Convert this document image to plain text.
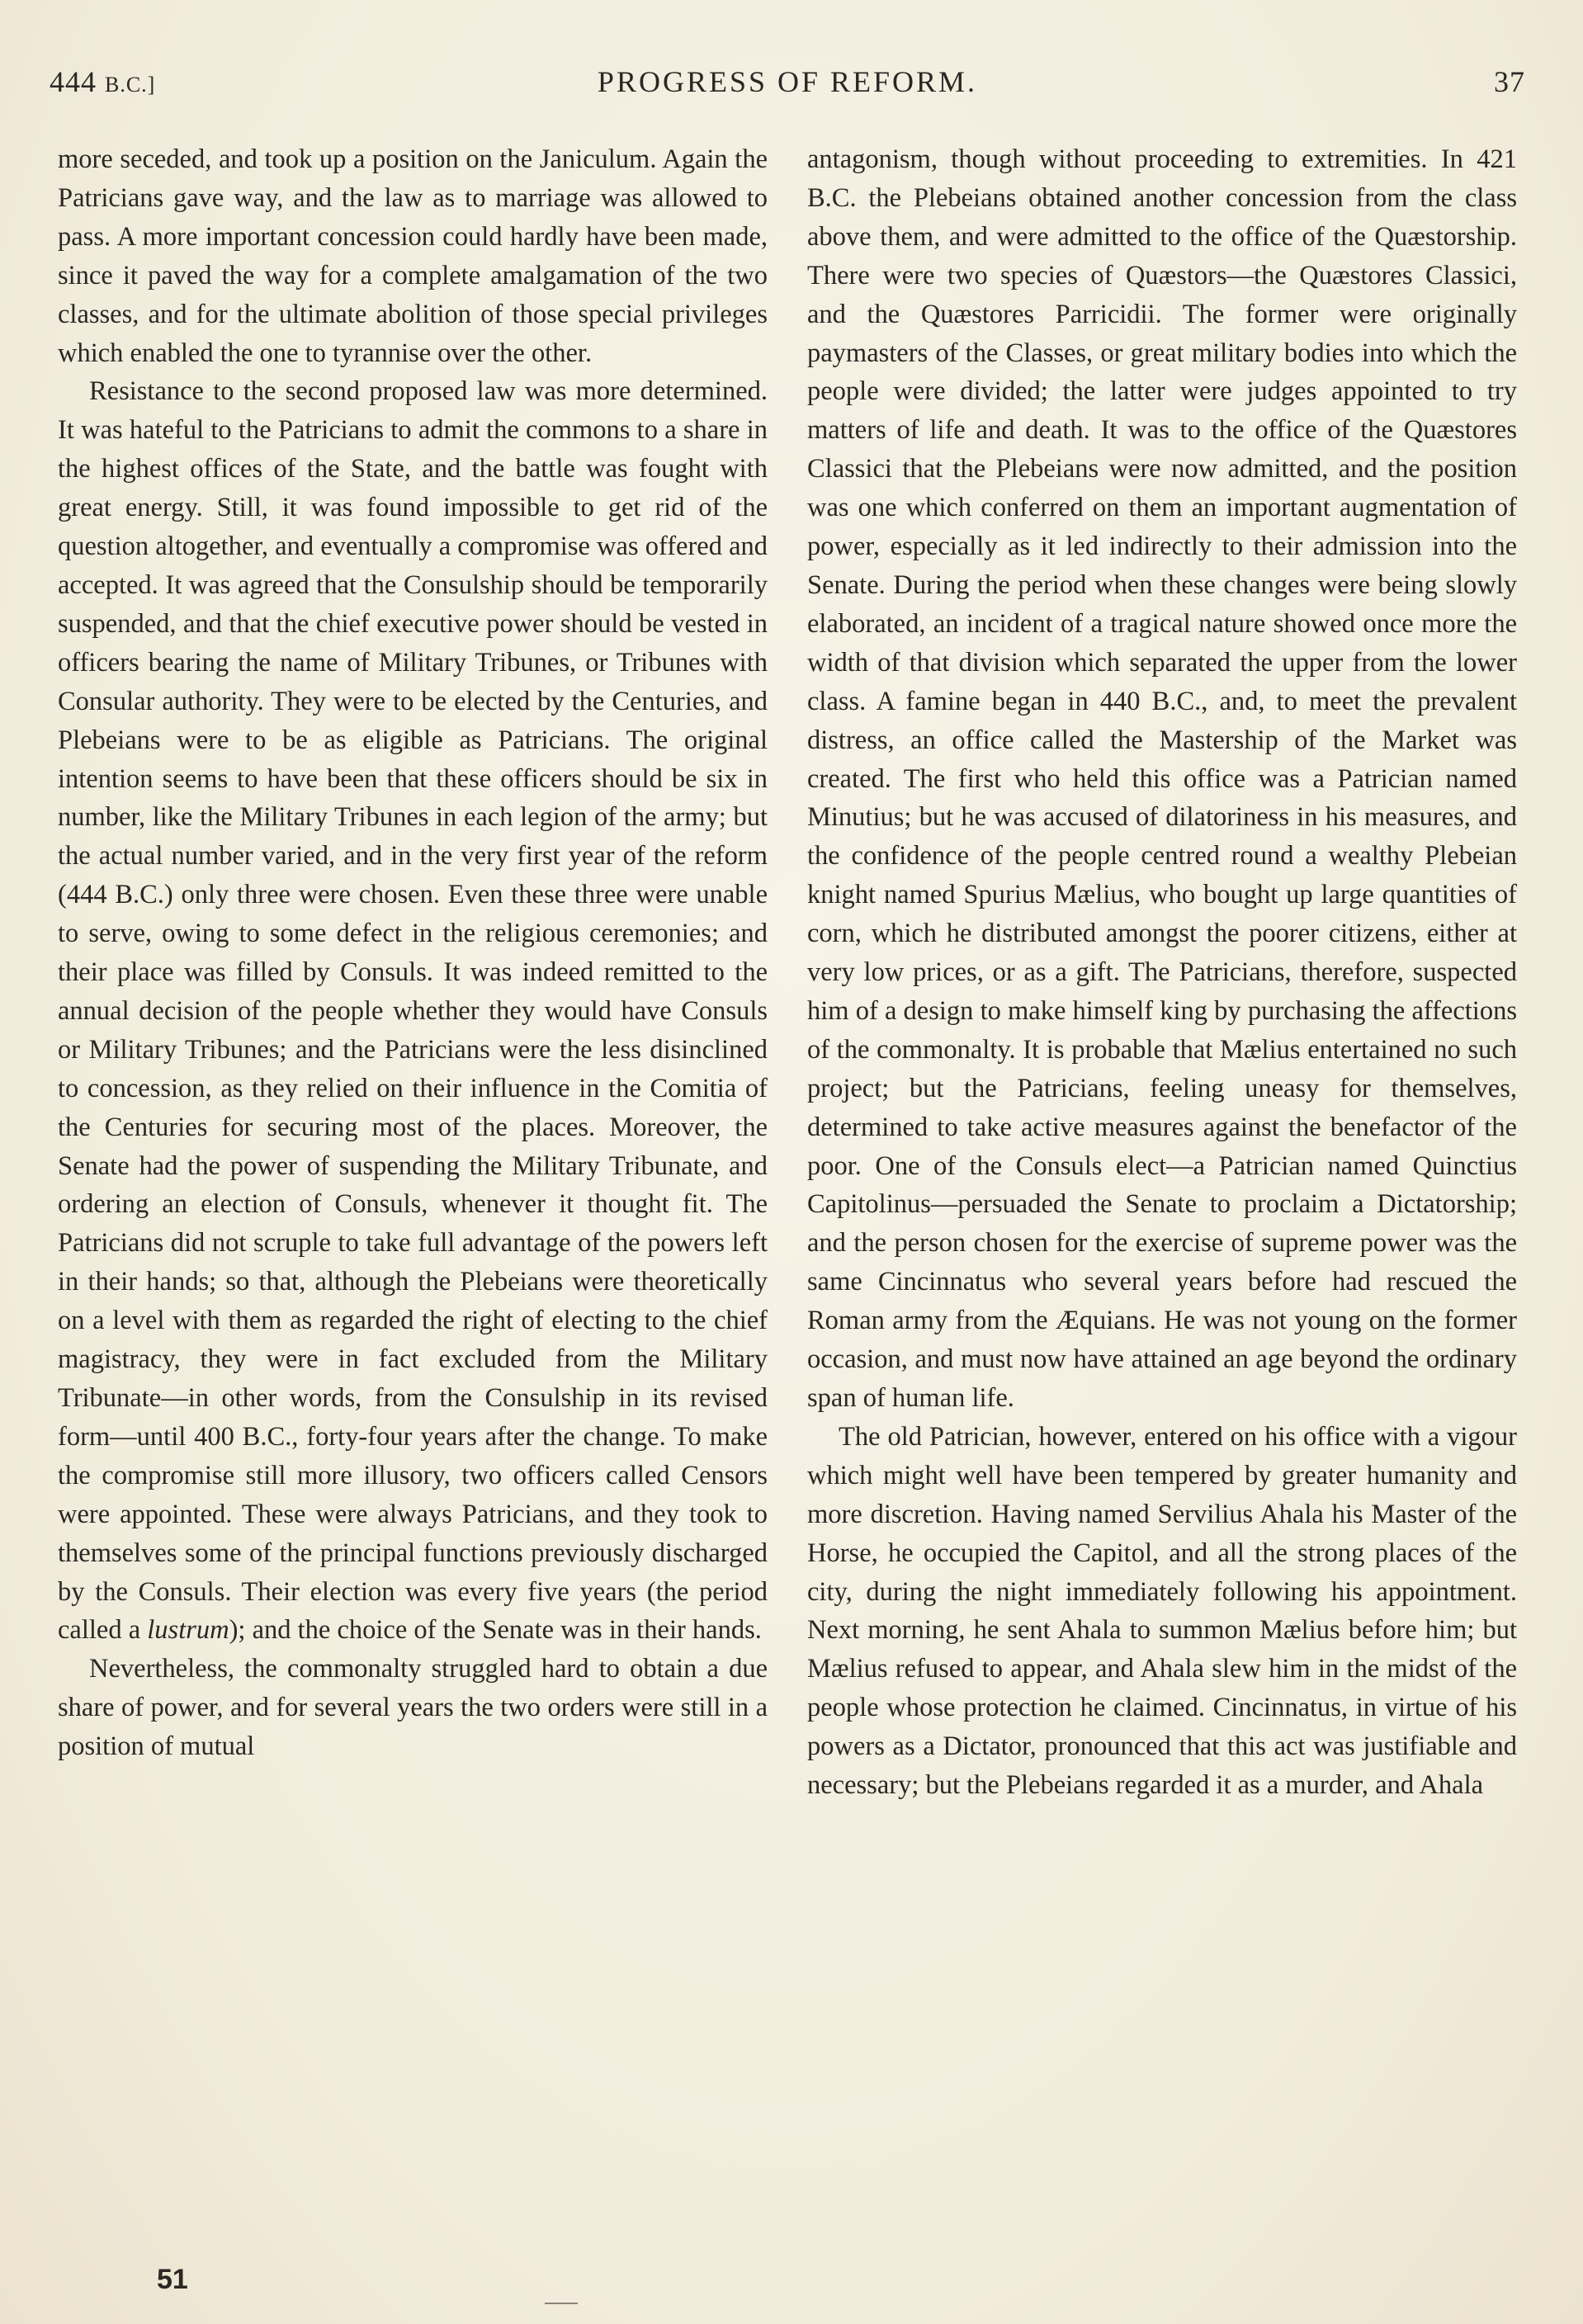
444 B.C.]	PROGRESS OF REFORM.	37

more seceded, and took up a position on the Janiculum. Again the Patricians gave way, and the law as to marriage was allowed to pass. A more important concession could hardly have been made, since it paved the way for a complete amalgamation of the two classes, and for the ultimate abolition of those special privileges which enabled the one to tyrannise over the other.

Resistance to the second proposed law was more determined. It was hateful to the Patricians to admit the commons to a share in the highest offices of the State, and the battle was fought with great energy. Still, it was found impossible to get rid of the question altogether, and eventually a compromise was offered and accepted. It was agreed that the Consulship should be temporarily suspended, and that the chief executive power should be vested in officers bearing the name of Military Tribunes, or Tribunes with Consular authority. They were to be elected by the Centuries, and Plebeians were to be as eligible as Patricians. The original intention seems to have been that these officers should be six in number, like the Military Tribunes in each legion of the army; but the actual number varied, and in the very first year of the reform (444 B.C.) only three were chosen. Even these three were unable to serve, owing to some defect in the religious ceremonies; and their place was filled by Consuls. It was indeed remitted to the annual decision of the people whether they would have Consuls or Military Tribunes; and the Patricians were the less disinclined to concession, as they relied on their influence in the Comitia of the Centuries for securing most of the places. Moreover, the Senate had the power of suspending the Military Tribunate, and ordering an election of Consuls, whenever it thought fit. The Patricians did not scruple to take full advantage of the powers left in their hands; so that, although the Plebeians were theoretically on a level with them as regarded the right of electing to the chief magistracy, they were in fact excluded from the Military Tribunate—in other words, from the Consulship in its revised form—until 400 B.C., forty-four years after the change. To make the compromise still more illusory, two officers called Censors were appointed. These were always Patricians, and they took to themselves some of the principal functions previously discharged by the Consuls. Their election was every five years (the period called a lustrum); and the choice of the Senate was in their hands.

Nevertheless, the commonalty struggled hard to obtain a due share of power, and for several years the two orders were still in a position of mutual

antagonism, though without proceeding to extremities. In 421 B.C. the Plebeians obtained another concession from the class above them, and were admitted to the office of the Quæstorship. There were two species of Quæstors—the Quæstores Classici, and the Quæstores Parricidii. The former were originally paymasters of the Classes, or great military bodies into which the people were divided; the latter were judges appointed to try matters of life and death. It was to the office of the Quæstores Classici that the Plebeians were now admitted, and the position was one which conferred on them an important augmentation of power, especially as it led indirectly to their admission into the Senate. During the period when these changes were being slowly elaborated, an incident of a tragical nature showed once more the width of that division which separated the upper from the lower class. A famine began in 440 B.C., and, to meet the prevalent distress, an office called the Mastership of the Market was created. The first who held this office was a Patrician named Minutius; but he was accused of dilatoriness in his measures, and the confidence of the people centred round a wealthy Plebeian knight named Spurius Mælius, who bought up large quantities of corn, which he distributed amongst the poorer citizens, either at very low prices, or as a gift. The Patricians, therefore, suspected him of a design to make himself king by purchasing the affections of the commonalty. It is probable that Mælius entertained no such project; but the Patricians, feeling uneasy for themselves, determined to take active measures against the benefactor of the poor. One of the Consuls elect—a Patrician named Quinctius Capitolinus—persuaded the Senate to proclaim a Dictatorship; and the person chosen for the exercise of supreme power was the same Cincinnatus who several years before had rescued the Roman army from the Æquians. He was not young on the former occasion, and must now have attained an age beyond the ordinary span of human life.

The old Patrician, however, entered on his office with a vigour which might well have been tempered by greater humanity and more discretion. Having named Servilius Ahala his Master of the Horse, he occupied the Capitol, and all the strong places of the city, during the night immediately following his appointment. Next morning, he sent Ahala to summon Mælius before him; but Mælius refused to appear, and Ahala slew him in the midst of the people whose protection he claimed. Cincinnatus, in virtue of his powers as a Dictator, pronounced that this act was justifiable and necessary; but the Plebeians regarded it as a murder, and Ahala

51
